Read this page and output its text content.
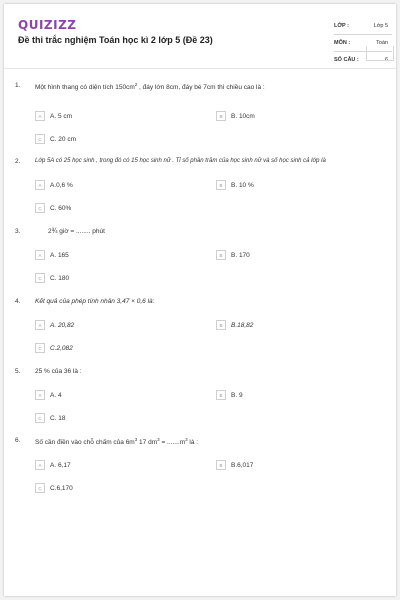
QUIZIZZ
Đề thi trắc nghiệm Toán học kì 2 lớp 5 (Đề 23)
LỚP :	Lớp 5
MÔN :	Toán
SỐ CÂU :	6
1. Một hình thang có diện tích $150cm^2$ , đáy lớn 8cm, đáy bé 7cm thì chiều cao là :
A	A. 5 cm	B	B. 10cm
C	C. 20 cm
2. Lớp 5A có 25 học sinh , trong đó có 15 học sinh nữ . Tỉ số phần trăm của học sinh nữ và số học sinh cả lớp là
A	A.0,6 %	B	B. 10 %
C	C. 60%
3.	2¾ giờ = ........ phút
A	A. 165	B	B. 170
C	C. 180
4. Kết quả của phép tính nhân 3,47 × 0,6 là:
A	A. 20,82	B	B.18,82
C	C.2,082
5. 25 % của 36 là :
A	A. 4	B	B. 9
C	C. 18
6. Số cần điền vào chỗ chấm của $6m^3$ 17 $dm^3 = .......m^3$ là :
A	A. 6,17	B	B.6,017
C	C.6,170
